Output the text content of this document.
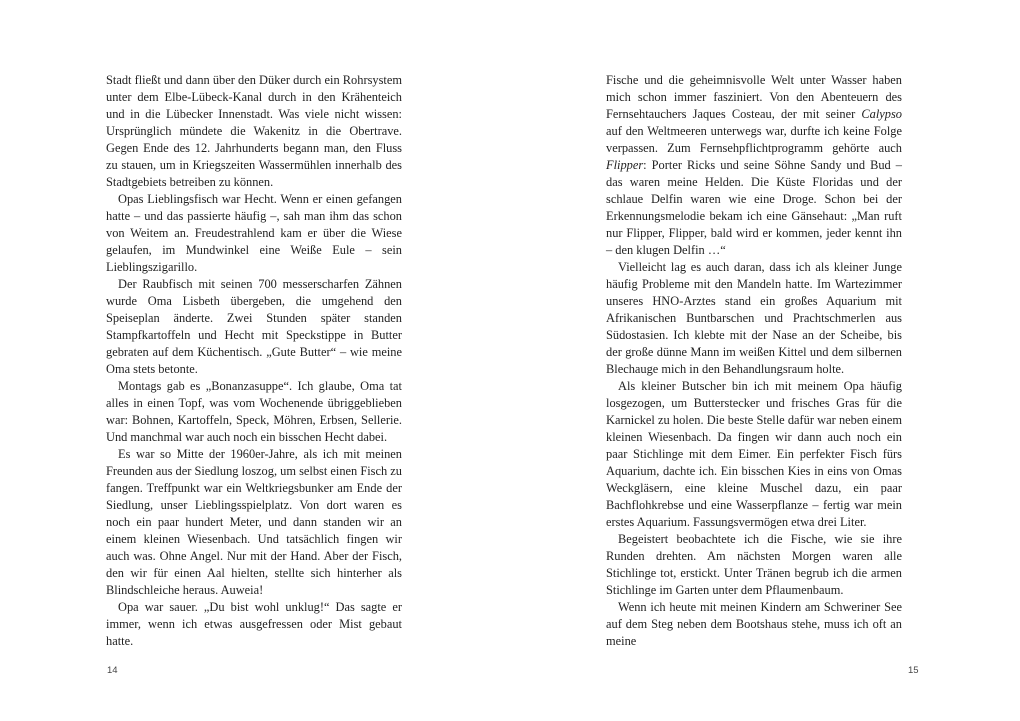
Stadt fließt und dann über den Düker durch ein Rohrsystem unter dem Elbe-Lübeck-Kanal durch in den Krähenteich und in die Lübecker Innenstadt. Was viele nicht wissen: Ursprünglich mündete die Wakenitz in die Obertrave. Gegen Ende des 12. Jahrhunderts begann man, den Fluss zu stauen, um in Kriegszeiten Wassermühlen innerhalb des Stadtgebiets betreiben zu können.

Opas Lieblingsfisch war Hecht. Wenn er einen gefangen hatte – und das passierte häufig –, sah man ihm das schon von Weitem an. Freudestrahlend kam er über die Wiese gelaufen, im Mundwinkel eine Weiße Eule – sein Lieblingszigarillo.

Der Raubfisch mit seinen 700 messerscharfen Zähnen wurde Oma Lisbeth übergeben, die umgehend den Speiseplan änderte. Zwei Stunden später standen Stampfkartoffeln und Hecht mit Speckstippe in Butter gebraten auf dem Küchentisch. „Gute Butter“ – wie meine Oma stets betonte.

Montags gab es „Bonanzasuppe“. Ich glaube, Oma tat alles in einen Topf, was vom Wochenende übriggeblieben war: Bohnen, Kartoffeln, Speck, Möhren, Erbsen, Sellerie. Und manchmal war auch noch ein bisschen Hecht dabei.

Es war so Mitte der 1960er-Jahre, als ich mit meinen Freunden aus der Siedlung loszog, um selbst einen Fisch zu fangen. Treffpunkt war ein Weltkriegsbunker am Ende der Siedlung, unser Lieblingsspielplatz. Von dort waren es noch ein paar hundert Meter, und dann standen wir an einem kleinen Wiesenbach. Und tatsächlich fingen wir auch was. Ohne Angel. Nur mit der Hand. Aber der Fisch, den wir für einen Aal hielten, stellte sich hinterher als Blindschleiche heraus. Auweia!

Opa war sauer. „Du bist wohl unklug!“ Das sagte er immer, wenn ich etwas ausgefressen oder Mist gebaut hatte.

14

Fische und die geheimnisvolle Welt unter Wasser haben mich schon immer fasziniert. Von den Abenteuern des Fernsehtauchers Jaques Costeau, der mit seiner Calypso auf den Weltmeeren unterwegs war, durfte ich keine Folge verpassen. Zum Fernsehpflichtprogramm gehörte auch Flipper: Porter Ricks und seine Söhne Sandy und Bud – das waren meine Helden. Die Küste Floridas und der schlaue Delfin waren wie eine Droge. Schon bei der Erkennungsmelodie bekam ich eine Gänsehaut: „Man ruft nur Flipper, Flipper, bald wird er kommen, jeder kennt ihn – den klugen Delfin …“

Vielleicht lag es auch daran, dass ich als kleiner Junge häufig Probleme mit den Mandeln hatte. Im Wartezimmer unseres HNO-Arztes stand ein großes Aquarium mit Afrikanischen Buntbarschen und Prachtschmerlen aus Südostasien. Ich klebte mit der Nase an der Scheibe, bis der große dünne Mann im weißen Kittel und dem silbernen Blechauge mich in den Behandlungsraum holte.

Als kleiner Butscher bin ich mit meinem Opa häufig losgezogen, um Butterstecker und frisches Gras für die Karnickel zu holen. Die beste Stelle dafür war neben einem kleinen Wiesenbach. Da fingen wir dann auch noch ein paar Stichlinge mit dem Eimer. Ein perfekter Fisch fürs Aquarium, dachte ich. Ein bisschen Kies in eins von Omas Weckgläsern, eine kleine Muschel dazu, ein paar Bachflohkrebse und eine Wasserpflanze – fertig war mein erstes Aquarium. Fassungsvermögen etwa drei Liter.

Begeistert beobachtete ich die Fische, wie sie ihre Runden drehten. Am nächsten Morgen waren alle Stichlinge tot, erstickt. Unter Tränen begrub ich die armen Stichlinge im Garten unter dem Pflaumenbaum.

Wenn ich heute mit meinen Kindern am Schweriner See auf dem Steg neben dem Bootshaus stehe, muss ich oft an meine

15
